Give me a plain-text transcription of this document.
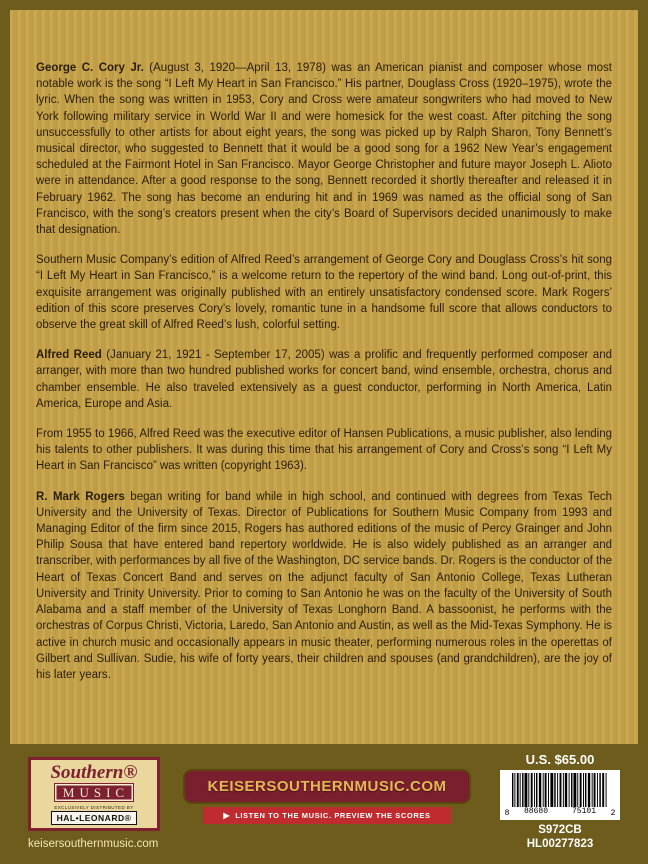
George C. Cory Jr. (August 3, 1920—April 13, 1978) was an American pianist and composer whose most notable work is the song “I Left My Heart in San Francisco.” His partner, Douglass Cross (1920–1975), wrote the lyric. When the song was written in 1953, Cory and Cross were amateur songwriters who had moved to New York following military service in World War II and were homesick for the west coast. After pitching the song unsuccessfully to other artists for about eight years, the song was picked up by Ralph Sharon, Tony Bennett’s musical director, who suggested to Bennett that it would be a good song for a 1962 New Year’s engagement scheduled at the Fairmont Hotel in San Francisco. Mayor George Christopher and future mayor Joseph L. Alioto were in attendance. After a good response to the song, Bennett recorded it shortly thereafter and released it in February 1962. The song has become an enduring hit and in 1969 was named as the official song of San Francisco, with the song’s creators present when the city’s Board of Supervisors decided unanimously to make that designation.

Southern Music Company’s edition of Alfred Reed’s arrangement of George Cory and Douglass Cross’s hit song “I Left My Heart in San Francisco,” is a welcome return to the repertory of the wind band. Long out-of-print, this exquisite arrangement was originally published with an entirely unsatisfactory condensed score. Mark Rogers’ edition of this score preserves Cory’s lovely, romantic tune in a handsome full score that allows conductors to observe the great skill of Alfred Reed’s lush, colorful setting.

Alfred Reed (January 21, 1921 - September 17, 2005) was a prolific and frequently performed composer and arranger, with more than two hundred published works for concert band, wind ensemble, orchestra, chorus and chamber ensemble. He also traveled extensively as a guest conductor, performing in North America, Latin America, Europe and Asia.

From 1955 to 1966, Alfred Reed was the executive editor of Hansen Publications, a music publisher, also lending his talents to other publishers. It was during this time that his arrangement of Cory and Cross’s song “I Left My Heart in San Francisco” was written (copyright 1963).

R. Mark Rogers began writing for band while in high school, and continued with degrees from Texas Tech University and the University of Texas. Director of Publications for Southern Music Company from 1993 and Managing Editor of the firm since 2015, Rogers has authored editions of the music of Percy Grainger and John Philip Sousa that have entered band repertory worldwide. He is also widely published as an arranger and transcriber, with performances by all five of the Washington, DC service bands. Dr. Rogers is the conductor of the Heart of Texas Concert Band and serves on the adjunct faculty of San Antonio College, Texas Lutheran University and Trinity University. Prior to coming to San Antonio he was on the faculty of the University of South Alabama and a staff member of the University of Texas Longhorn Band. A bassoonist, he performs with the orchestras of Corpus Christi, Victoria, Laredo, San Antonio and Austin, as well as the Mid-Texas Symphony. He is active in church music and occasionally appears in music theater, performing numerous roles in the operettas of Gilbert and Sullivan. Sudie, his wife of forty years, their children and spouses (and grandchildren), are the joy of his later years.

Southern®
MUSIC
EXCLUSIVELY DISTRIBUTED BY
HAL•LEONARD®
keisersouthernmusic.com
KEISERSOUTHERNMUSIC.COM
▶ LISTEN TO THE MUSIC. PREVIEW THE SCORES
U.S. $65.00
8	88680	75101	2
S972CB
HL00277823
